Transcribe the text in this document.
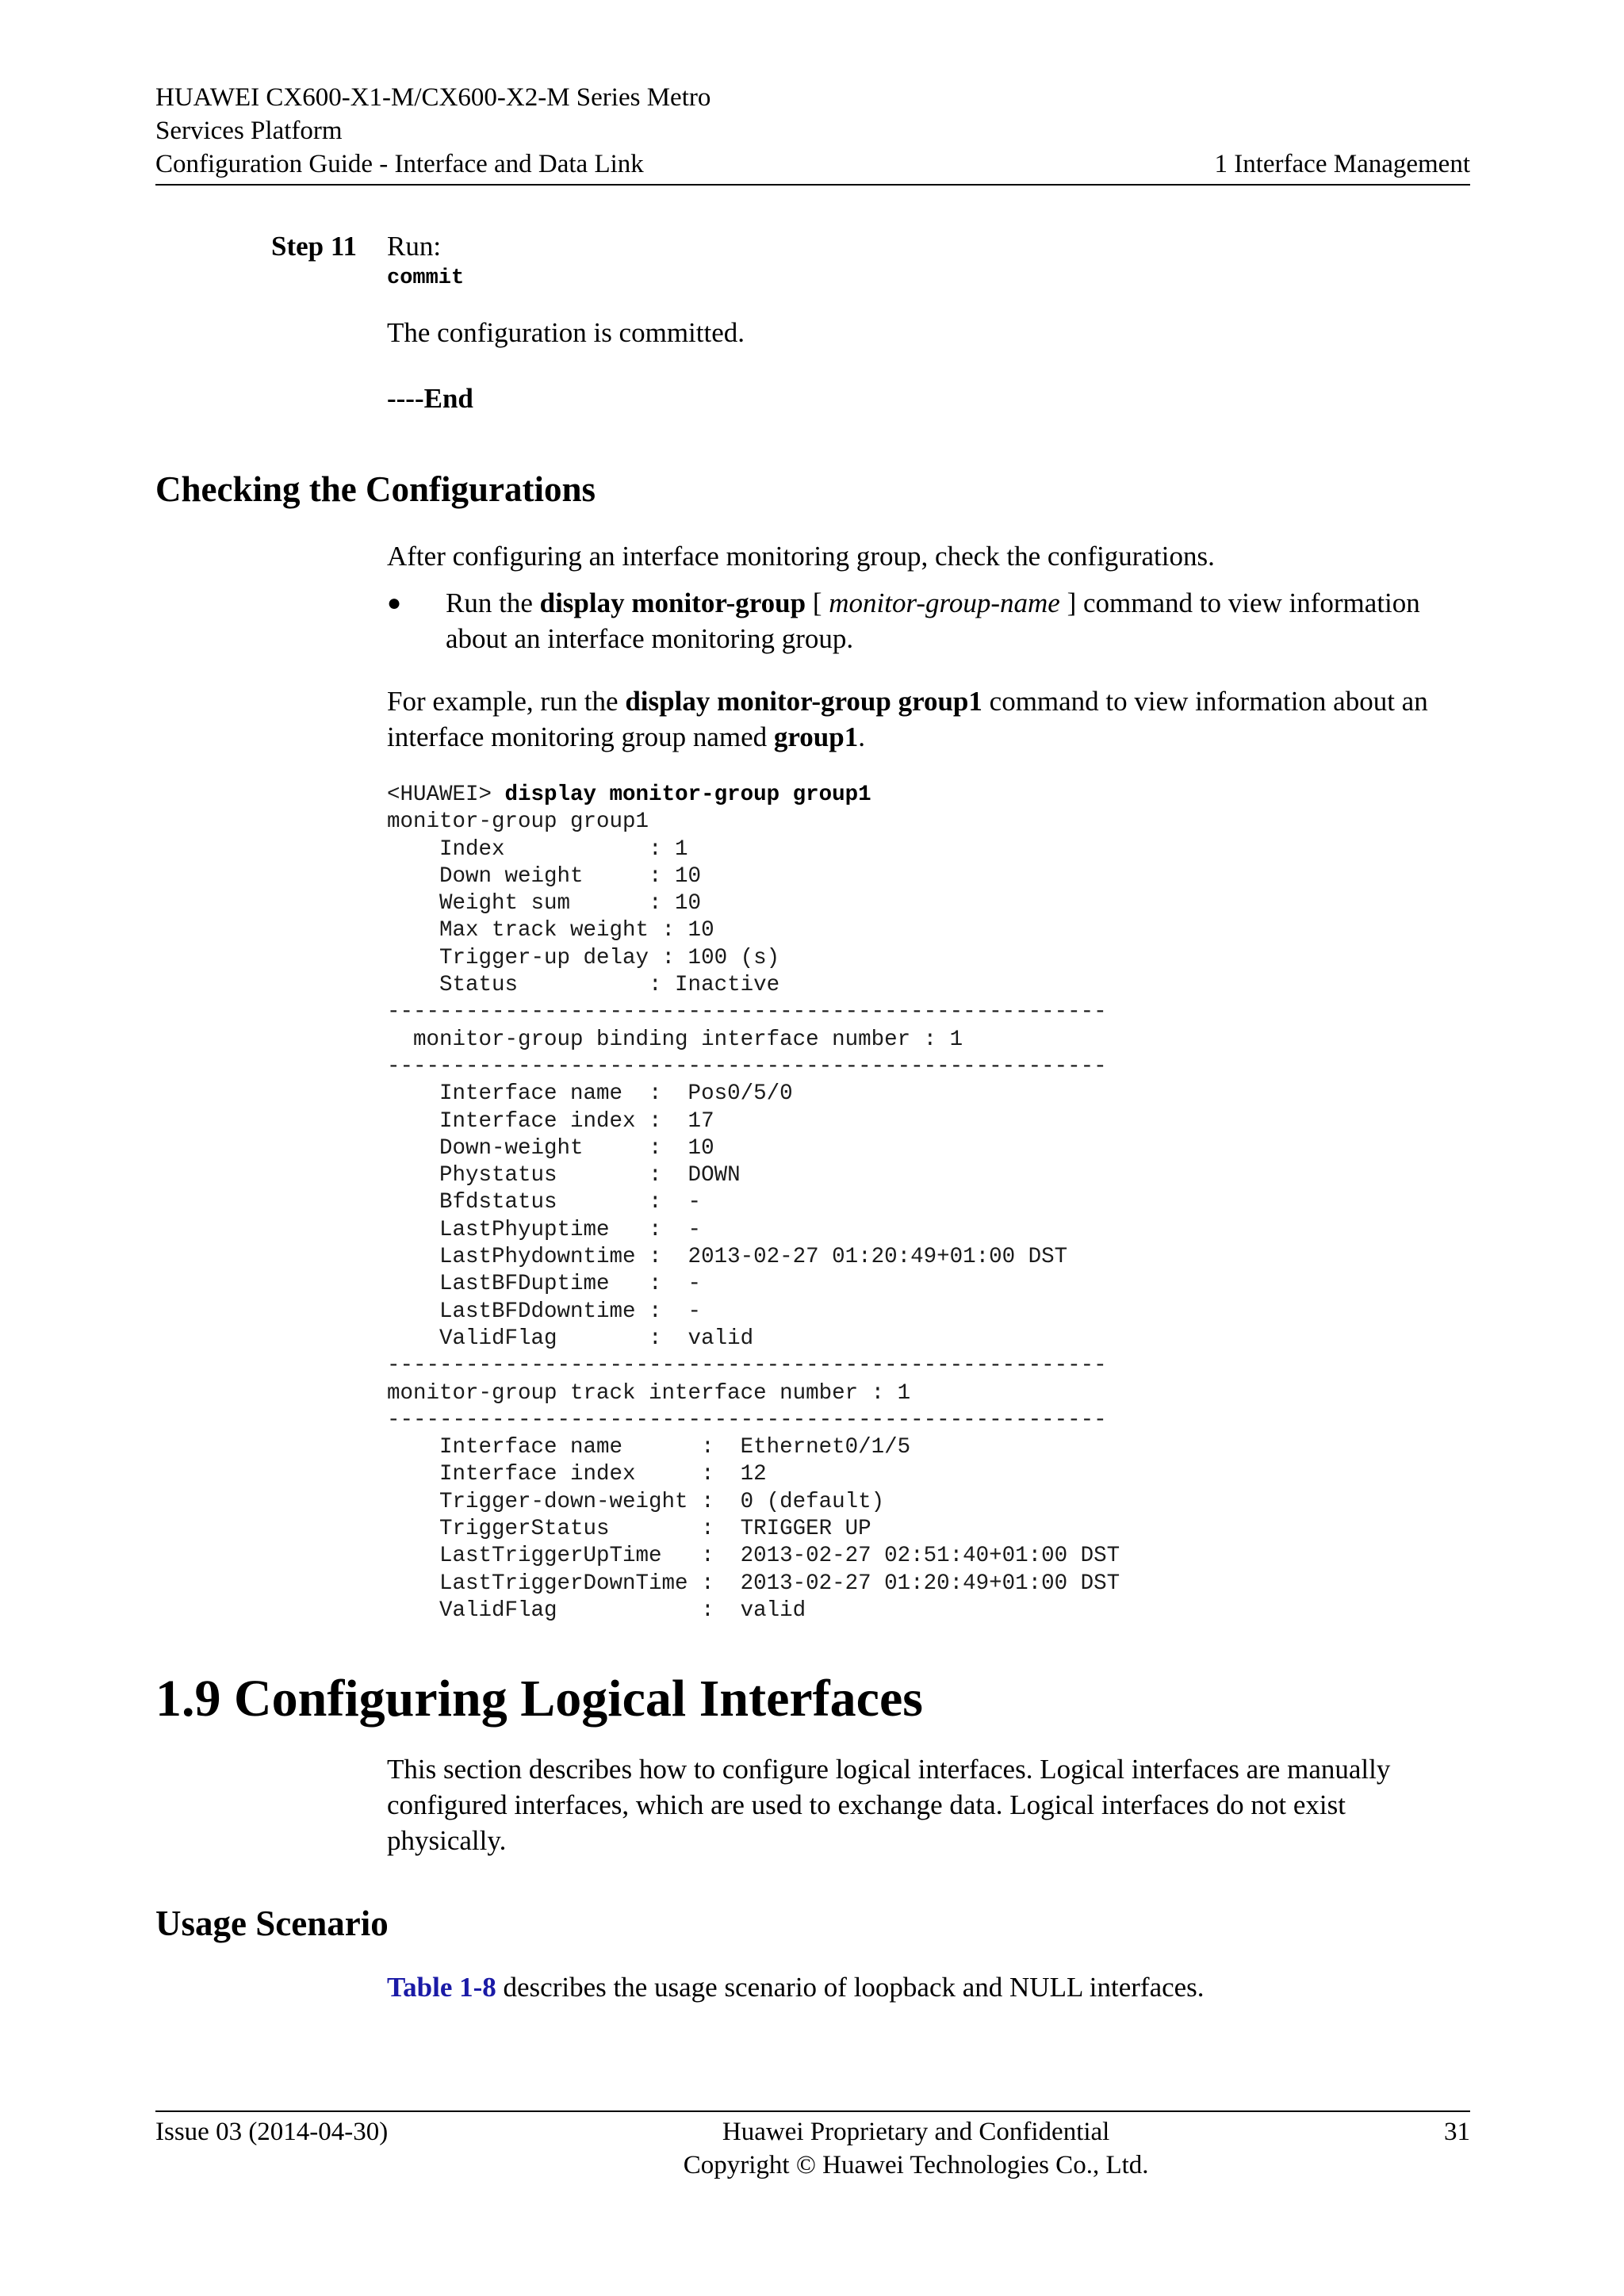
HUAWEI CX600-X1-M/CX600-X2-M Series Metro
Services Platform
Configuration Guide - Interface and Data Link	1 Interface Management
Step 11	Run:
commit
The configuration is committed.
----End
Checking the Configurations
After configuring an interface monitoring group, check the configurations.
●	Run the display monitor-group [ monitor-group-name ] command to view information about an interface monitoring group.
For example, run the display monitor-group group1 command to view information about an interface monitoring group named group1.
<HUAWEI> display monitor-group group1
monitor-group group1
Index           : 1
Down weight     : 10
Weight sum      : 10
Max track weight : 10
Trigger-up delay : 100 (s)
Status          : Inactive
-------------------------------------------------------
monitor-group binding interface number : 1
-------------------------------------------------------
Interface name  :  Pos0/5/0
Interface index :  17
Down-weight     :  10
Phystatus       :  DOWN
Bfdstatus       :  -
LastPhyuptime   :  -
LastPhydowntime :  2013-02-27 01:20:49+01:00 DST
LastBFDuptime   :  -
LastBFDdowntime :  -
ValidFlag       :  valid
-------------------------------------------------------
monitor-group track interface number : 1
-------------------------------------------------------
Interface name      :  Ethernet0/1/5
Interface index     :  12
Trigger-down-weight :  0 (default)
TriggerStatus       :  TRIGGER UP
LastTriggerUpTime   :  2013-02-27 02:51:40+01:00 DST
LastTriggerDownTime :  2013-02-27 01:20:49+01:00 DST
ValidFlag           :  valid
1.9 Configuring Logical Interfaces
This section describes how to configure logical interfaces. Logical interfaces are manually configured interfaces, which are used to exchange data. Logical interfaces do not exist physically.
Usage Scenario
Table 1-8 describes the usage scenario of loopback and NULL interfaces.
Issue 03 (2014-04-30)	Huawei Proprietary and Confidential
Copyright © Huawei Technologies Co., Ltd.
31
